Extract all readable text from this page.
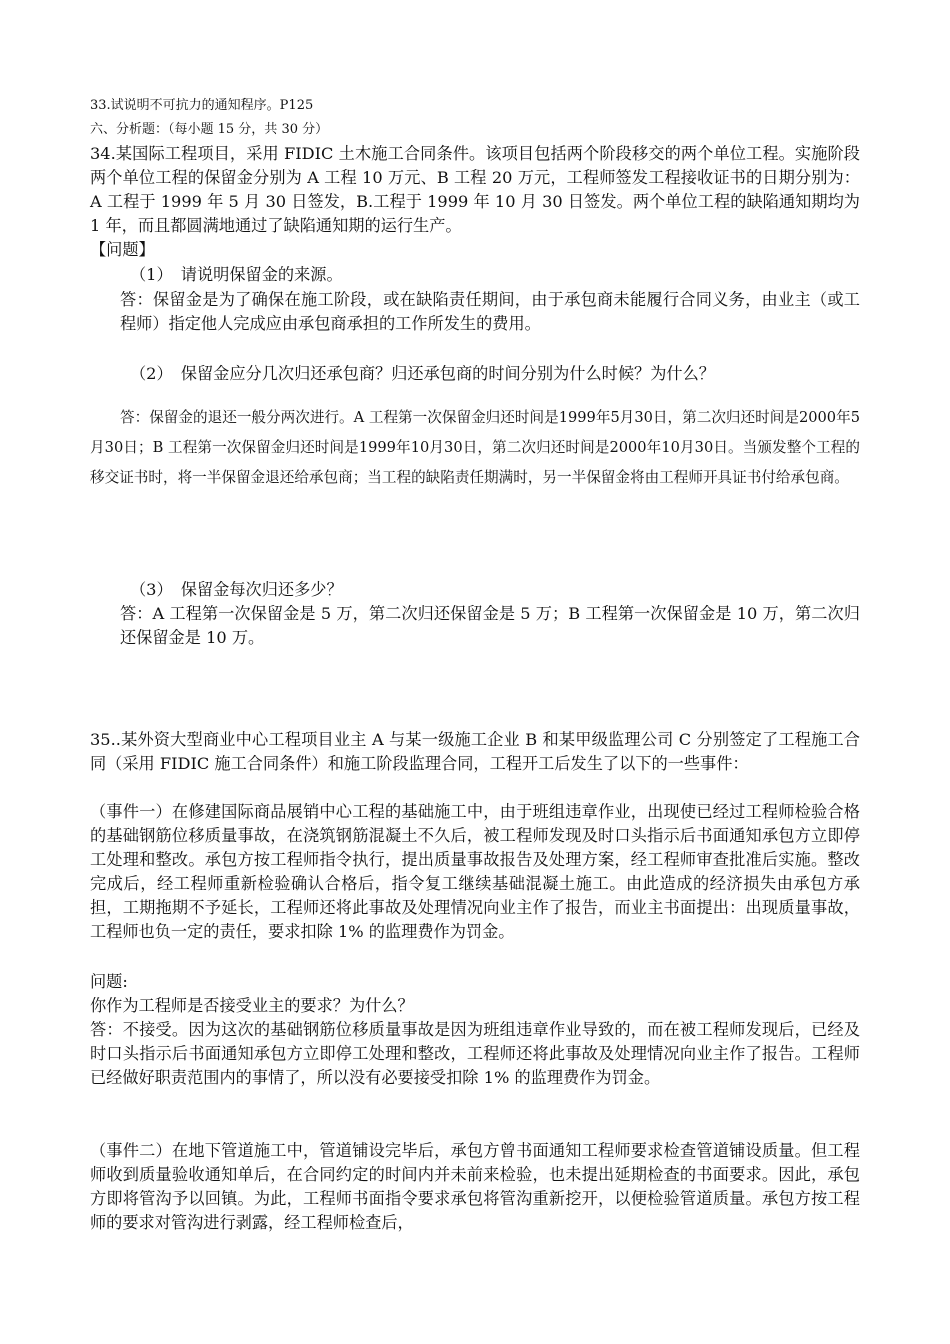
33.试说明不可抗力的通知程序。P125

六、分析题：（每小题 15 分，共 30 分）

34.某国际工程项目，采用 FIDIC 土木施工合同条件。该项目包括两个阶段移交的两个单位工程。实施阶段两个单位工程的保留金分别为 A 工程 10 万元、B 工程 20 万元，工程师签发工程接收证书的日期分别为：A 工程于 1999 年 5 月 30 日签发，B.工程于 1999 年 10 月 30 日签发。两个单位工程的缺陷通知期均为 1 年，而且都圆满地通过了缺陷通知期的运行生产。

【问题】

（1）　请说明保留金的来源。

答：保留金是为了确保在施工阶段，或在缺陷责任期间，由于承包商未能履行合同义务，由业主（或工程师）指定他人完成应由承包商承担的工作所发生的费用。

（2）　保留金应分几次归还承包商？归还承包商的时间分别为什么时候？为什么？

答：保留金的退还一般分两次进行。A 工程第一次保留金归还时间是1999年5月30日，第二次归还时间是2000年5月30日；B 工程第一次保留金归还时间是1999年10月30日，第二次归还时间是2000年10月30日。当颁发整个工程的移交证书时，将一半保留金退还给承包商；当工程的缺陷责任期满时，另一半保留金将由工程师开具证书付给承包商。

（3）　保留金每次归还多少？

答：A 工程第一次保留金是 5 万，第二次归还保留金是 5 万；B 工程第一次保留金是 10 万，第二次归还保留金是 10 万。

35..某外资大型商业中心工程项目业主 A 与某一级施工企业 B 和某甲级监理公司 C 分别签定了工程施工合同（采用 FIDIC 施工合同条件）和施工阶段监理合同，工程开工后发生了以下的一些事件：

（事件一）在修建国际商品展销中心工程的基础施工中，由于班组违章作业，出现使已经过工程师检验合格的基础钢筋位移质量事故，在浇筑钢筋混凝土不久后，被工程师发现及时口头指示后书面通知承包方立即停工处理和整改。承包方按工程师指令执行，提出质量事故报告及处理方案，经工程师审查批准后实施。整改完成后，经工程师重新检验确认合格后，指令复工继续基础混凝土施工。由此造成的经济损失由承包方承担，工期拖期不予延长，工程师还将此事故及处理情况向业主作了报告，而业主书面提出：出现质量事故，工程师也负一定的责任，要求扣除 1% 的监理费作为罚金。

问题:

你作为工程师是否接受业主的要求？为什么？

答：不接受。因为这次的基础钢筋位移质量事故是因为班组违章作业导致的，而在被工程师发现后，已经及时口头指示后书面通知承包方立即停工处理和整改，工程师还将此事故及处理情况向业主作了报告。工程师已经做好职责范围内的事情了，所以没有必要接受扣除 1% 的监理费作为罚金。

（事件二）在地下管道施工中，管道铺设完毕后，承包方曾书面通知工程师要求检查管道铺设质量。但工程师收到质量验收通知单后，在合同约定的时间内并未前来检验，也未提出延期检查的书面要求。因此，承包方即将管沟予以回镇。为此，工程师书面指令要求承包将管沟重新挖开，以便检验管道质量。承包方按工程师的要求对管沟进行剥露，经工程师检查后，
